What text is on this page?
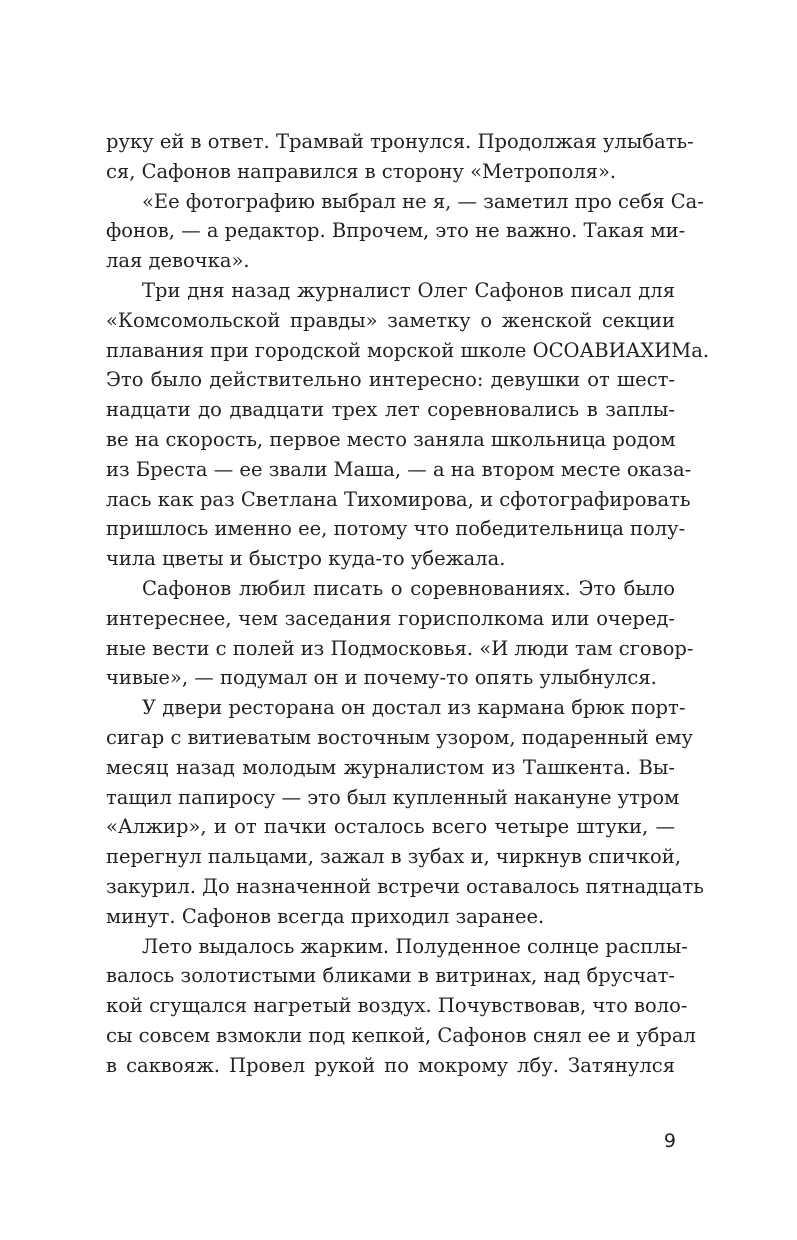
руку ей в ответ. Трамвай тронулся. Продолжая улыбать-
ся, Сафонов направился в сторону «Метрополя».
«Ее фотографию выбрал не я, — заметил про себя Са-
фонов, — а редактор. Впрочем, это не важно. Такая ми-
лая девочка».
Три дня назад журналист Олег Сафонов писал для
«Комсомольской правды» заметку о женской секции
плавания при городской морской школе ОСОАВИАХИМа.
Это было действительно интересно: девушки от шест-
надцати до двадцати трех лет соревновались в заплы-
ве на скорость, первое место заняла школьница родом
из Бреста — ее звали Маша, — а на втором месте оказа-
лась как раз Светлана Тихомирова, и сфотографировать
пришлось именно ее, потому что победительница полу-
чила цветы и быстро куда-то убежала.
Сафонов любил писать о соревнованиях. Это было
интереснее, чем заседания горисполкома или очеред-
ные вести с полей из Подмосковья. «И люди там сговор-
чивые», — подумал он и почему-то опять улыбнулся.
У двери ресторана он достал из кармана брюк порт-
сигар с витиеватым восточным узором, подаренный ему
месяц назад молодым журналистом из Ташкента. Вы-
тащил папиросу — это был купленный накануне утром
«Алжир», и от пачки осталось всего четыре штуки, —
перегнул пальцами, зажал в зубах и, чиркнув спичкой,
закурил. До назначенной встречи оставалось пятнадцать
минут. Сафонов всегда приходил заранее.
Лето выдалось жарким. Полуденное солнце расплы-
валось золотистыми бликами в витринах, над брусчат-
кой сгущался нагретый воздух. Почувствовав, что воло-
сы совсем взмокли под кепкой, Сафонов снял ее и убрал
в саквояж. Провел рукой по мокрому лбу. Затянулся
9
